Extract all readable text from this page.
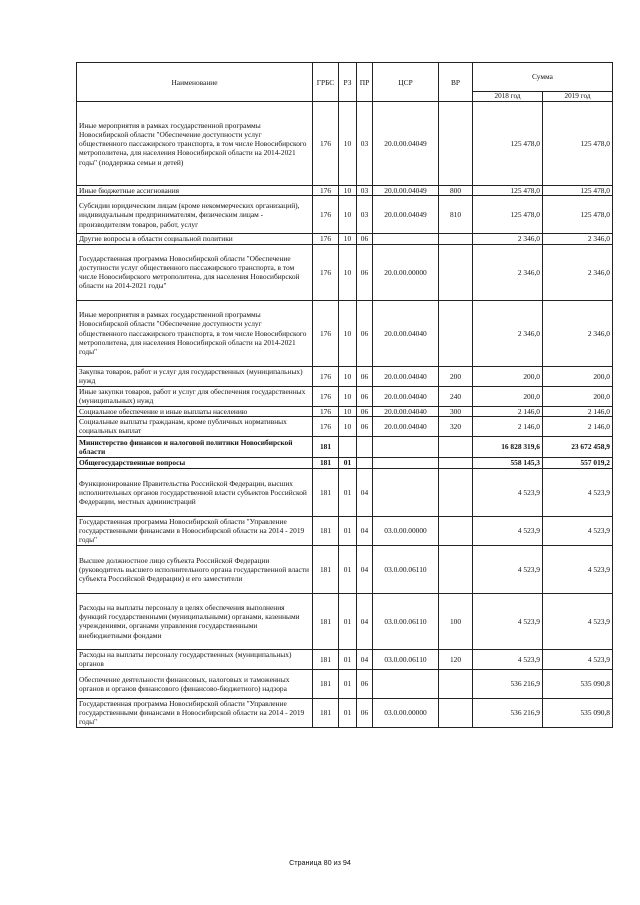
Наименование	ГРБС	РЗ	ПР	ЦСР	ВР	Сумма	
						2018 год	2019 год
Иные мероприятия в рамках государственной программы Новосибирской области "Обеспечение доступности услуг общественного пассажирского транспорта, в том числе Новосибирского метрополитена, для населения Новосибирской области на 2014-2021 годы" (поддержка семьи и детей)	176	10	03	20.0.00.04049		125 478,0	125 478,0
Иные бюджетные ассигнования	176	10	03	20.0.00.04049	800	125 478,0	125 478,0
Субсидии юридическим лицам (кроме некоммерческих организаций), индивидуальным предпринимателям, физическим лицам - производителям товаров, работ, услуг	176	10	03	20.0.00.04049	810	125 478,0	125 478,0
Другие вопросы в области социальной политики	176	10	06			2 346,0	2 346,0
Государственная программа Новосибирской области "Обеспечение доступности услуг общественного пассажирского транспорта, в том числе Новосибирского метрополитена, для населения Новосибирской области на 2014-2021 годы"	176	10	06	20.0.00.00000		2 346,0	2 346,0
Иные мероприятия в рамках государственной программы Новосибирской области "Обеспечение доступности услуг общественного пассажирского транспорта, в том числе Новосибирского метрополитена, для населения Новосибирской области на 2014-2021 годы"	176	10	06	20.0.00.04040		2 346,0	2 346,0
Закупка товаров, работ и услуг для государственных (муниципальных) нужд	176	10	06	20.0.00.04040	200	200,0	200,0
Иные закупки товаров, работ и услуг для обеспечения государственных (муниципальных) нужд	176	10	06	20.0.00.04040	240	200,0	200,0
Социальное обеспечение и иные выплаты населению	176	10	06	20.0.00.04040	300	2 146,0	2 146,0
Социальные выплаты гражданам, кроме публичных нормативных социальных выплат	176	10	06	20.0.00.04040	320	2 146,0	2 146,0
Министерство финансов и налоговой политики Новосибирской области	181					16 828 319,6	23 672 458,9
Общегосударственные вопросы	181	01				558 145,3	557 019,2
Функционирование Правительства Российской Федерации, высших исполнительных органов государственной власти субъектов Российской Федерации, местных администраций	181	01	04			4 523,9	4 523,9
Государственная программа Новосибирской области "Управление государственными финансами в Новосибирской области на 2014 - 2019 годы"	181	01	04	03.0.00.00000		4 523,9	4 523,9
Высшее должностное лицо субъекта Российской Федерации (руководитель высшего исполнительного органа государственной власти субъекта Российской Федерации) и его заместители	181	01	04	03.0.00.06110		4 523,9	4 523,9
Расходы на выплаты персоналу в целях обеспечения выполнения функций государственными (муниципальными) органами, казенными учреждениями, органами управления государственными внебюджетными фондами	181	01	04	03.0.00.06110	100	4 523,9	4 523,9
Расходы на выплаты персоналу государственных (муниципальных) органов	181	01	04	03.0.00.06110	120	4 523,9	4 523,9
Обеспечение деятельности финансовых, налоговых и таможенных органов и органов финансового (финансово-бюджетного) надзора	181	01	06			536 216,9	535 090,8
Государственная программа Новосибирской области "Управление государственными финансами в Новосибирской области на 2014 - 2019 годы"	181	01	06	03.0.00.00000		536 216,9	535 090,8
Страница 80 из 94
